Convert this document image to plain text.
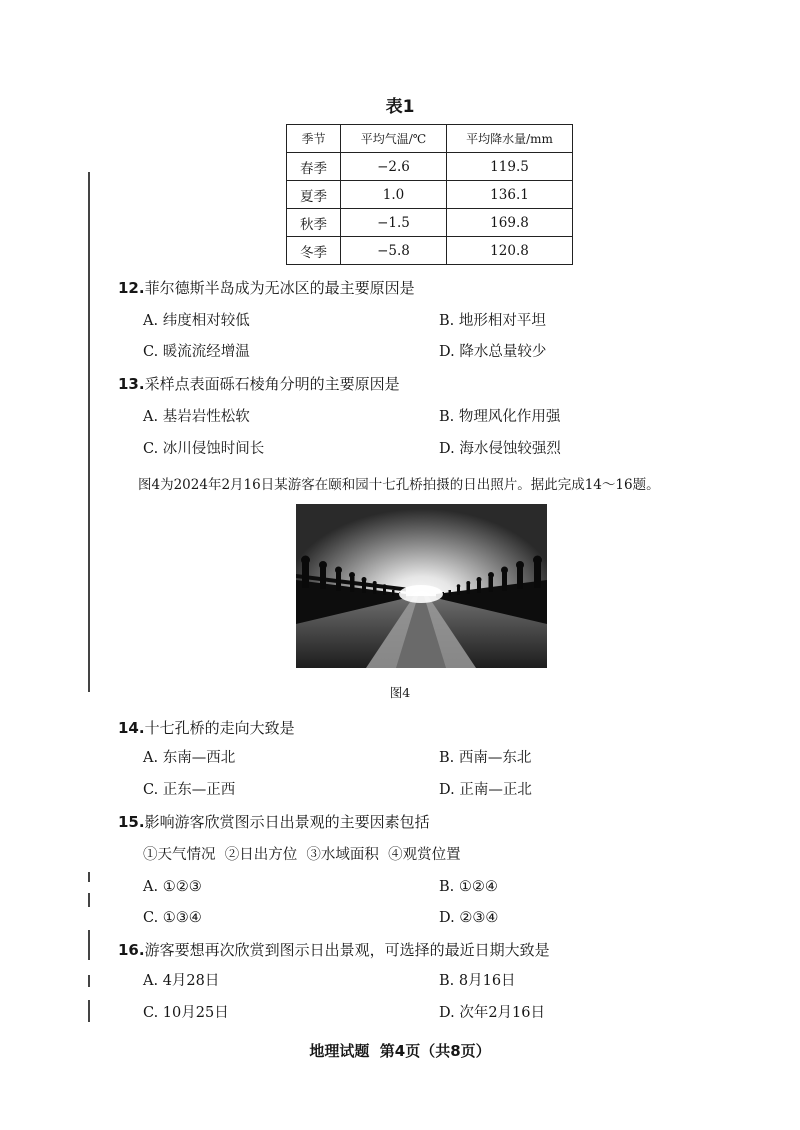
表1
季节	平均气温/℃	平均降水量/mm
春季	−2.6	119.5
夏季	1.0	136.1
秋季	−1.5	169.8
冬季	−5.8	120.8
12.菲尔德斯半岛成为无冰区的最主要原因是
A. 纬度相对较低	B. 地形相对平坦
C. 暖流流经增温	D. 降水总量较少
13.采样点表面砾石棱角分明的主要原因是
A. 基岩岩性松软	B. 物理风化作用强
C. 冰川侵蚀时间长	D. 海水侵蚀较强烈
图4为2024年2月16日某游客在颐和园十七孔桥拍摄的日出照片。据此完成14～16题。
图4
14.十七孔桥的走向大致是
A. 东南—西北	B. 西南—东北
C. 正东—正西	D. 正南—正北
15.影响游客欣赏图示日出景观的主要因素包括
①天气情况  ②日出方位  ③水域面积  ④观赏位置
A. ①②③	B. ①②④
C. ①③④	D. ②③④
16.游客要想再次欣赏到图示日出景观，可选择的最近日期大致是
A. 4月28日	B. 8月16日
C. 10月25日	D. 次年2月16日
地理试题  第4页（共8页）
